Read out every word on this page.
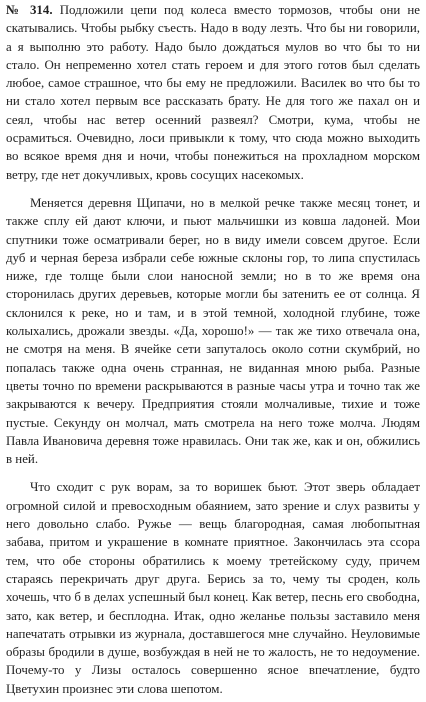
№ 314. Подложили цепи под колеса вместо тормозов, чтобы они не скатывались. Чтобы рыбку съесть. Надо в воду лезть. Что бы ни говорили, а я выполню это работу. Надо было дождаться мулов во что бы то ни стало. Он непременно хотел стать героем и для этого готов был сделать любое, самое страшное, что бы ему не предложили. Василек во что бы то ни стало хотел первым все рассказать брату. Не для того же пахал он и сеял, чтобы нас ветер осенний развеял? Смотри, кума, чтобы не осрамиться. Очевидно, лоси привыкли к тому, что сюда можно выходить во всякое время дня и ночи, чтобы понежиться на прохладном морском ветру, где нет докучливых, кровь сосущих насекомых.

Меняется деревня Щипачи, но в мелкой речке также месяц тонет, и также сплу ей дают ключи, и пьют мальчишки из ковша ладоней. Мои спутники тоже осматривали берег, но в виду имели совсем другое. Если дуб и черная береза избрали себе южные склоны гор, то липа спустилась ниже, где толще были слои наносной земли; но в то же время она сторонилась других деревьев, которые могли бы затенить ее от солнца. Я склонился к реке, но и там, и в этой темной, холодной глубине, тоже колыхались, дрожали звезды. «Да, хорошо!» — так же тихо отвечала она, не смотря на меня. В ячейке сети запуталось около сотни скумбрий, но попалась также одна очень странная, не виданная мною рыба. Разные цветы точно по времени раскрываются в разные часы утра и точно так же закрываются к вечеру. Предприятия стояли молчаливые, тихие и тоже пустые. Секунду он молчал, мать смотрела на него тоже молча. Людям Павла Ивановича деревня тоже нравилась. Они так же, как и он, обжились в ней.

Что сходит с рук ворам, за то воришек бьют. Этот зверь обладает огромной силой и превосходным обаянием, зато зрение и слух развиты у него довольно слабо. Ружье — вещь благородная, самая любопытная забава, притом и украшение в комнате приятное. Закончилась эта ссора тем, что обе стороны обратились к моему третейскому суду, причем стараясь перекричать друг друга. Берись за то, чему ты сроден, коль хочешь, что б в делах успешный был конец. Как ветер, песнь его свободна, зато, как ветер, и бесплодна. Итак, одно желаньe пользы заставило меня напечатать отрывки из журнала, доставшегося мне случайно. Неуловимые образы бродили в душе, возбуждая в ней не то жалость, не то недоумение. Почему-то у Лизы осталось совершенно ясное впечатление, будто Цветухин произнес эти слова шепотом.
